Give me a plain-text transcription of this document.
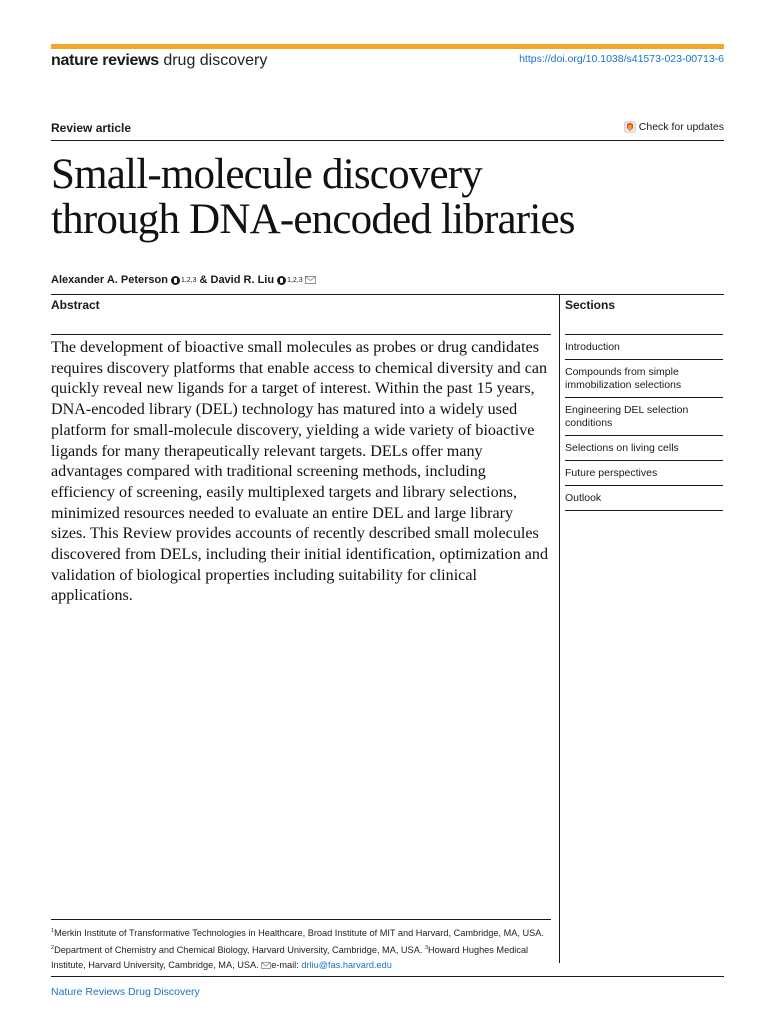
nature reviews drug discovery	https://doi.org/10.1038/s41573-023-00713-6
Review article	Check for updates
Small-molecule discovery
through DNA-encoded libraries
Alexander A. Peterson 1,2,3 & David R. Liu 1,2,3
Abstract

The development of bioactive small molecules as probes or drug candidates requires discovery platforms that enable access to chemical diversity and can quickly reveal new ligands for a target of interest. Within the past 15 years, DNA-encoded library (DEL) technology has matured into a widely used platform for small-molecule discovery, yielding a wide variety of bioactive ligands for many therapeutically relevant targets. DELs offer many advantages compared with traditional screening methods, including efficiency of screening, easily multiplexed targets and library selections, minimized resources needed to evaluate an entire DEL and large library sizes. This Review provides accounts of recently described small molecules discovered from DELs, including their initial identification, optimization and validation of biological properties including suitability for clinical applications.

Sections
Introduction
Compounds from simple immobilization selections
Engineering DEL selection conditions
Selections on living cells
Future perspectives
Outlook

$^1$Merkin Institute of Transformative Technologies in Healthcare, Broad Institute of MIT and Harvard, Cambridge, MA, USA. $^2$Department of Chemistry and Chemical Biology, Harvard University, Cambridge, MA, USA. $^3$Howard Hughes Medical Institute, Harvard University, Cambridge, MA, USA. e-mail: drliu@fas.harvard.edu

Nature Reviews Drug Discovery
